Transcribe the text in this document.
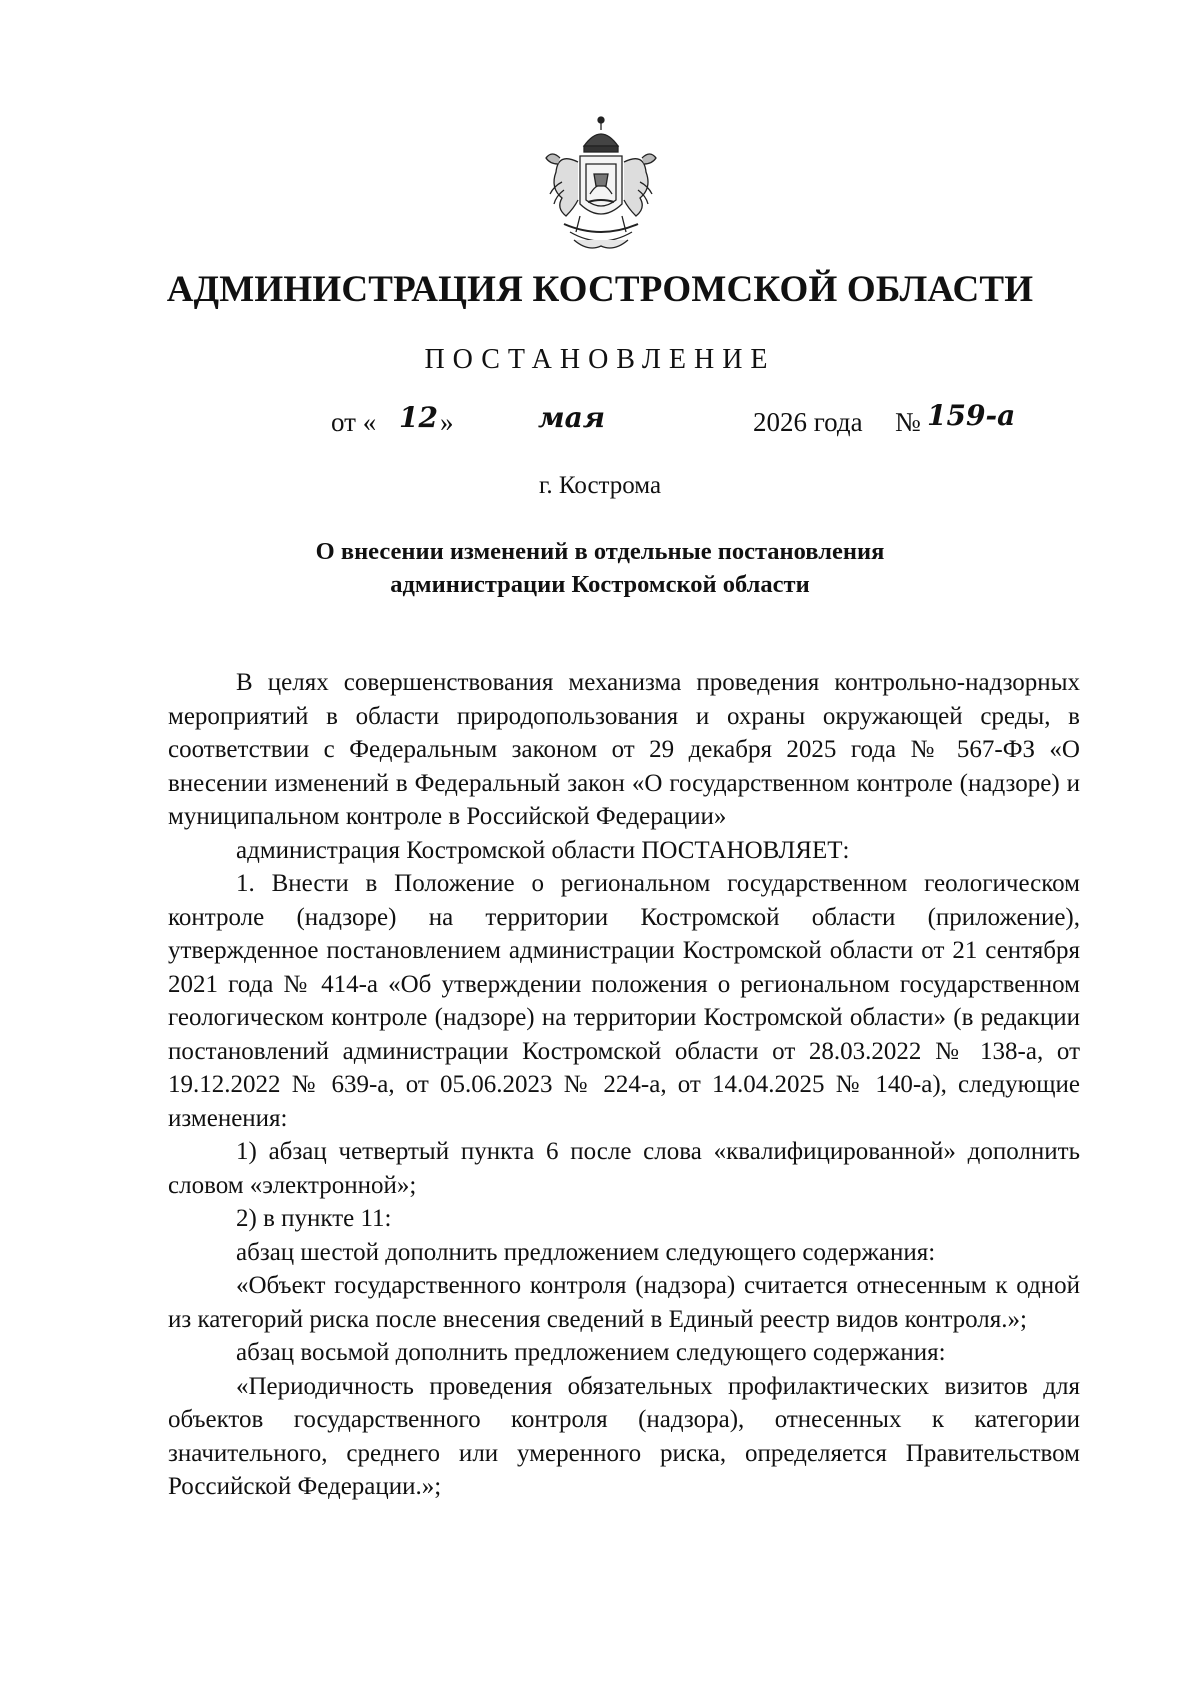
АДМИНИСТРАЦИЯ КОСТРОМСКОЙ ОБЛАСТИ
ПОСТАНОВЛЕНИЕ
от « 12 »	мая	2026 года № 159-а
г. Кострома
О внесении изменений в отдельные постановления
администрации Костромской области

В целях совершенствования механизма проведения контрольно-надзорных мероприятий в области природопользования и охраны окружающей среды, в соответствии с Федеральным законом от 29 декабря 2025 года № 567-ФЗ «О внесении изменений в Федеральный закон «О государственном контроле (надзоре) и муниципальном контроле в Российской Федерации»

администрация Костромской области ПОСТАНОВЛЯЕТ:

1. Внести в Положение о региональном государственном геологическом контроле (надзоре) на территории Костромской области (приложение), утвержденное постановлением администрации Костромской области от 21 сентября 2021 года № 414-а «Об утверждении положения о региональном государственном геологическом контроле (надзоре) на территории Костромской области» (в редакции постановлений администрации Костромской области от 28.03.2022 № 138-а, от 19.12.2022 № 639-а, от 05.06.2023 № 224-а, от 14.04.2025 № 140-а), следующие изменения:

1) абзац четвертый пункта 6 после слова «квалифицированной» дополнить словом «электронной»;

2) в пункте 11:

абзац шестой дополнить предложением следующего содержания:

«Объект государственного контроля (надзора) считается отнесенным к одной из категорий риска после внесения сведений в Единый реестр видов контроля.»;

абзац восьмой дополнить предложением следующего содержания:

«Периодичность проведения обязательных профилактических визитов для объектов государственного контроля (надзора), отнесенных к категории значительного, среднего или умеренного риска, определяется Правительством Российской Федерации.»;
